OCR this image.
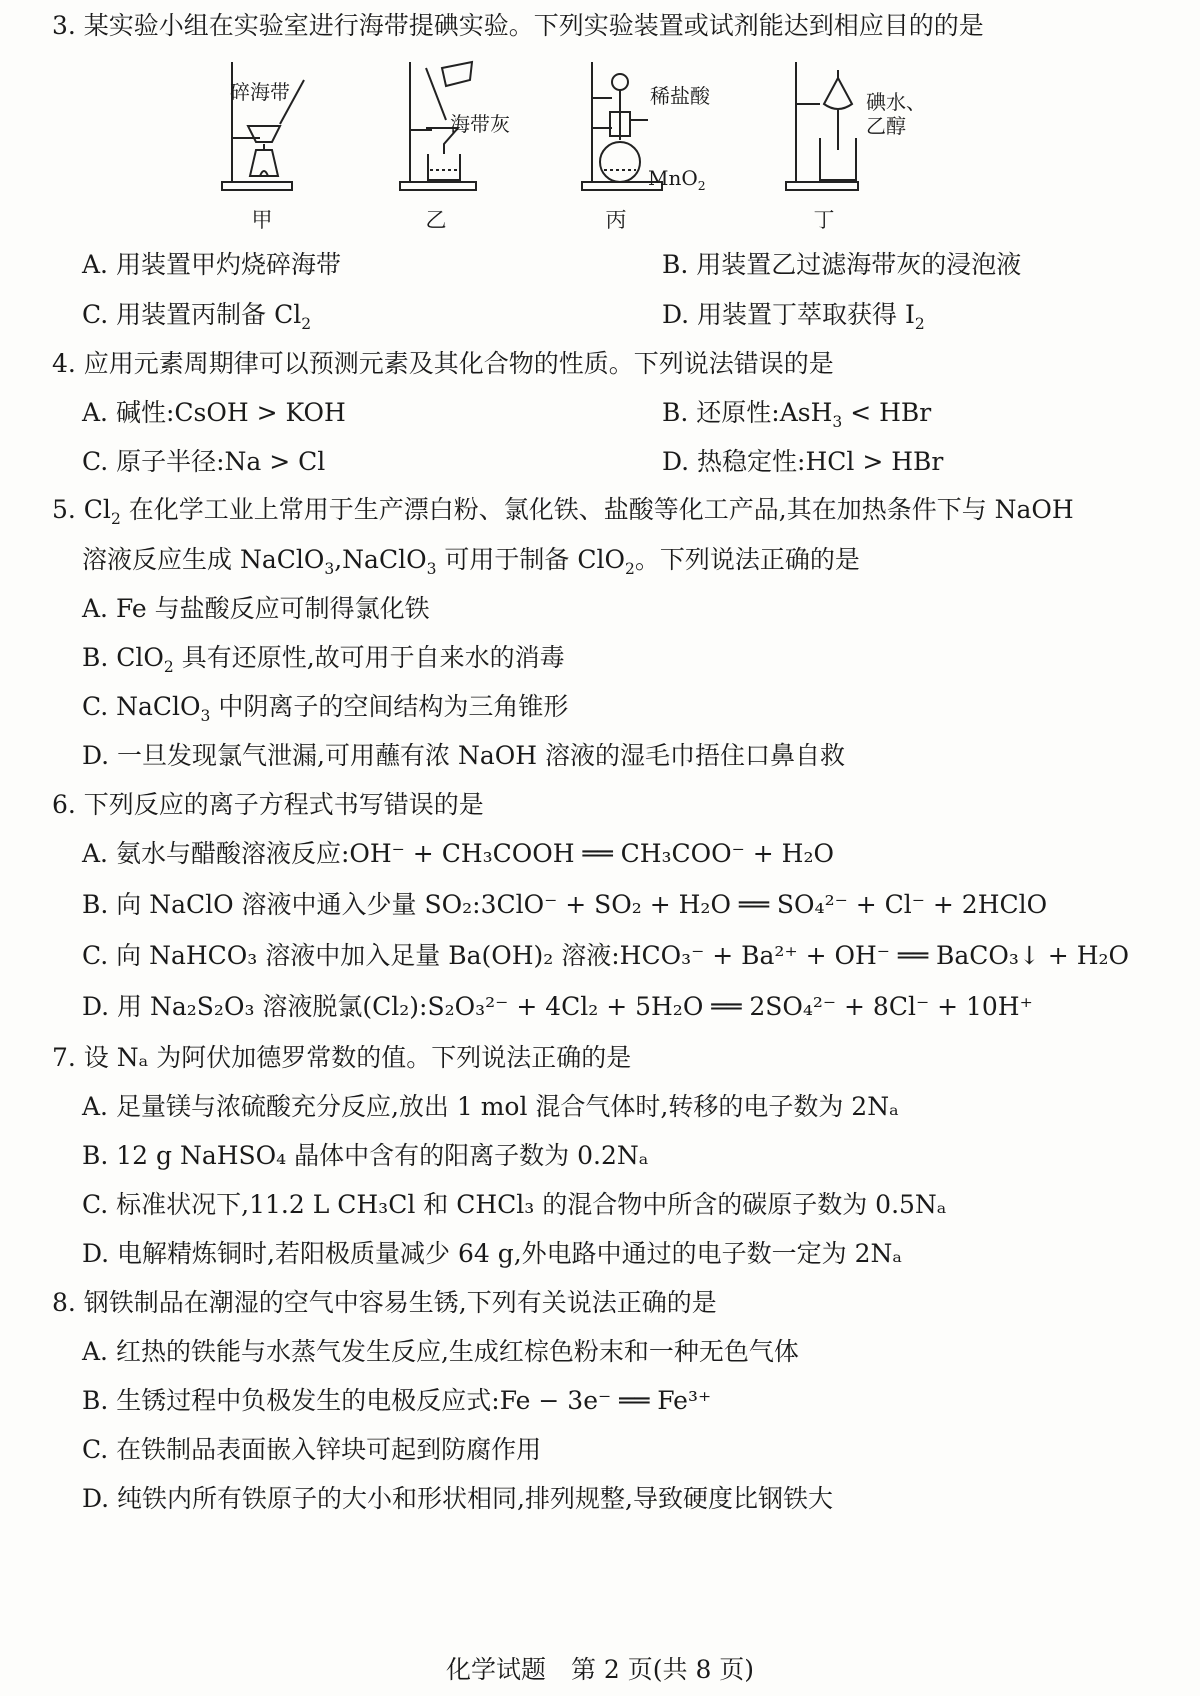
3. 某实验小组在实验室进行海带提碘实验。下列实验装置或试剂能达到相应目的的是
碎海带
海带灰
稀盐酸
MnO$_2$
碘水、
乙醇
甲	乙	丙	丁
A. 用装置甲灼烧碎海带	B. 用装置乙过滤海带灰的浸泡液
C. 用装置丙制备 $Cl_2$	D. 用装置丁萃取获得 $I_2$
4. 应用元素周期律可以预测元素及其化合物的性质。下列说法错误的是
A. 碱性:CsOH > KOH	B. 还原性:AsH$_3$ < HBr
C. 原子半径:Na > Cl	D. 热稳定性:HCl > HBr
5. $Cl_2$ 在化学工业上常用于生产漂白粉、氯化铁、盐酸等化工产品,其在加热条件下与 NaOH
溶液反应生成 NaClO$_3$,NaClO$_3$ 可用于制备 ClO$_2$。下列说法正确的是
A. Fe 与盐酸反应可制得氯化铁
B. ClO$_2$ 具有还原性,故可用于自来水的消毒
C. NaClO$_3$ 中阴离子的空间结构为三角锥形
D. 一旦发现氯气泄漏,可用蘸有浓 NaOH 溶液的湿毛巾捂住口鼻自救
6. 下列反应的离子方程式书写错误的是
A. 氨水与醋酸溶液反应:OH⁻ + CH₃COOH ══ CH₃COO⁻ + H₂O
B. 向 NaClO 溶液中通入少量 SO₂:3ClO⁻ + SO₂ + H₂O ══ SO₄²⁻ + Cl⁻ + 2HClO
C. 向 NaHCO₃ 溶液中加入足量 Ba(OH)₂ 溶液:HCO₃⁻ + Ba²⁺ + OH⁻ ══ BaCO₃↓ + H₂O
D. 用 Na₂S₂O₃ 溶液脱氯(Cl₂):S₂O₃²⁻ + 4Cl₂ + 5H₂O ══ 2SO₄²⁻ + 8Cl⁻ + 10H⁺
7. 设 Nₐ 为阿伏加德罗常数的值。下列说法正确的是
A. 足量镁与浓硫酸充分反应,放出 1 mol 混合气体时,转移的电子数为 2Nₐ
B. 12 g NaHSO₄ 晶体中含有的阳离子数为 0.2Nₐ
C. 标准状况下,11.2 L CH₃Cl 和 CHCl₃ 的混合物中所含的碳原子数为 0.5Nₐ
D. 电解精炼铜时,若阳极质量减少 64 g,外电路中通过的电子数一定为 2Nₐ
8. 钢铁制品在潮湿的空气中容易生锈,下列有关说法正确的是
A. 红热的铁能与水蒸气发生反应,生成红棕色粉末和一种无色气体
B. 生锈过程中负极发生的电极反应式:Fe − 3e⁻ ══ Fe³⁺
C. 在铁制品表面嵌入锌块可起到防腐作用
D. 纯铁内所有铁原子的大小和形状相同,排列规整,导致硬度比钢铁大
化学试题　第 2 页(共 8 页)
